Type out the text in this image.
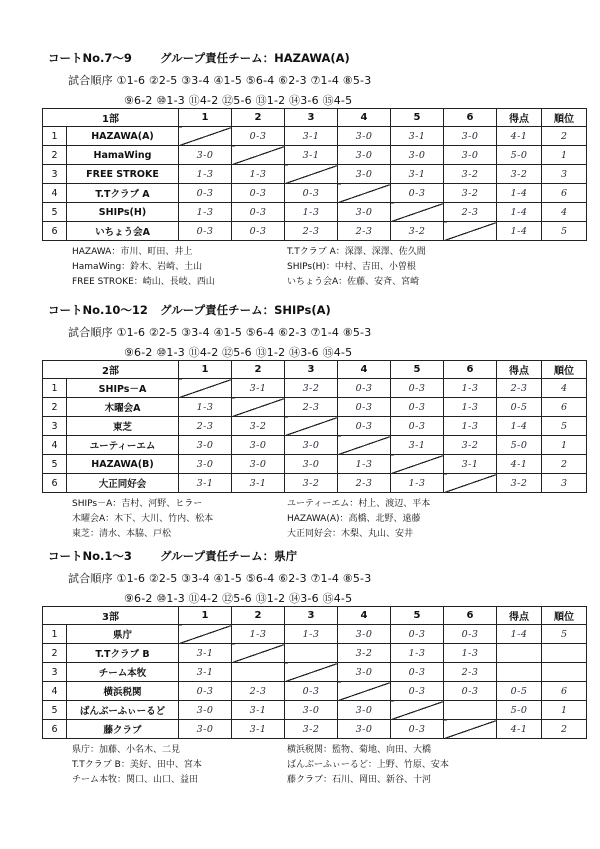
コートNo.7～9 グループ責任チーム：HAZAWA(A)
試合順序 ①1-6 ②2-5 ③3-4 ④1-5 ⑤6-4 ⑥2-3 ⑦1-4 ⑧5-3
⑨6-2 ⑩1-3 ⑪4-2 ⑫5-6 ⑬1-2 ⑭3-6 ⑮4-5
1部		1	2	3	4	5	6	得点	順位
1	HAZAWA(A)		0-3	3-1	3-0	3-1	3-0	4-1	2
2	HamaWing	3-0		3-1	3-0	3-0	3-0	5-0	1
3	FREE STROKE	1-3	1-3		3-0	3-1	3-2	3-2	3
4	T.Tクラブ A	0-3	0-3	0-3		0-3	3-2	1-4	6
5	SHIPs(H)	1-3	0-3	1-3	3-0		2-3	1-4	4
6	いちょう会A	0-3	0-3	2-3	2-3	3-2		1-4	5
HAZAWA：市川、町田、井上
HamaWing：鈴木、岩崎、土山
FREE STROKE：崎山、長岐、西山
T.Tクラブ A：深澤、深澤、佐久間
SHIPs(H)：中村、吉田、小曽根
いちょう会A：佐藤、安斉、宮崎
コートNo.10～12 グループ責任チーム：SHIPs(A)
試合順序 ①1-6 ②2-5 ③3-4 ④1-5 ⑤6-4 ⑥2-3 ⑦1-4 ⑧5-3
⑨6-2 ⑩1-3 ⑪4-2 ⑫5-6 ⑬1-2 ⑭3-6 ⑮4-5
2部		1	2	3	4	5	6	得点	順位
1	SHIPs－A		3-1	3-2	0-3	0-3	1-3	2-3	4
2	木曜会A	1-3		2-3	0-3	0-3	1-3	0-5	6
3	東芝	2-3	3-2		0-3	0-3	1-3	1-4	5
4	ユーティーエム	3-0	3-0	3-0		3-1	3-2	5-0	1
5	HAZAWA(B)	3-0	3-0	3-0	1-3		3-1	4-1	2
6	大正同好会	3-1	3-1	3-2	2-3	1-3		3-2	3
SHIPs－A：吉村、河野、ヒラー
木曜会A：木下、大川、竹内、松本
東芝：清水、本脇、戸松
ユーティーエム：村上、渡辺、平本
HAZAWA(A)：高橋、北野、遠藤
大正同好会：木梨、丸山、安井
コートNo.1～3 グループ責任チーム：県庁
試合順序 ①1-6 ②2-5 ③3-4 ④1-5 ⑤6-4 ⑥2-3 ⑦1-4 ⑧5-3
⑨6-2 ⑩1-3 ⑪4-2 ⑫5-6 ⑬1-2 ⑭3-6 ⑮4-5
3部		1	2	3	4	5	6	得点	順位
1	県庁		1-3	1-3	3-0	0-3	0-3	1-4	5
2	T.Tクラブ B	3-1			3-2	1-3	1-3		
3	チーム本牧	3-1			3-0	0-3	2-3		
4	横浜税関	0-3	2-3	0-3		0-3	0-3	0-5	6
5	ばんぶーふぃーるど	3-0	3-1	3-0	3-0			5-0	1
6	藤クラブ	3-0	3-1	3-2	3-0	0-3		4-1	2
県庁：加藤、小名木、二見
T.Tクラブ B：美好、田中、宮本
チーム本牧：関口、山口、益田
横浜税関：監物、菊地、向田、大橋
ばんぶーふぃーるど：上野、竹原、安本
藤クラブ：石川、岡田、新谷、十河
